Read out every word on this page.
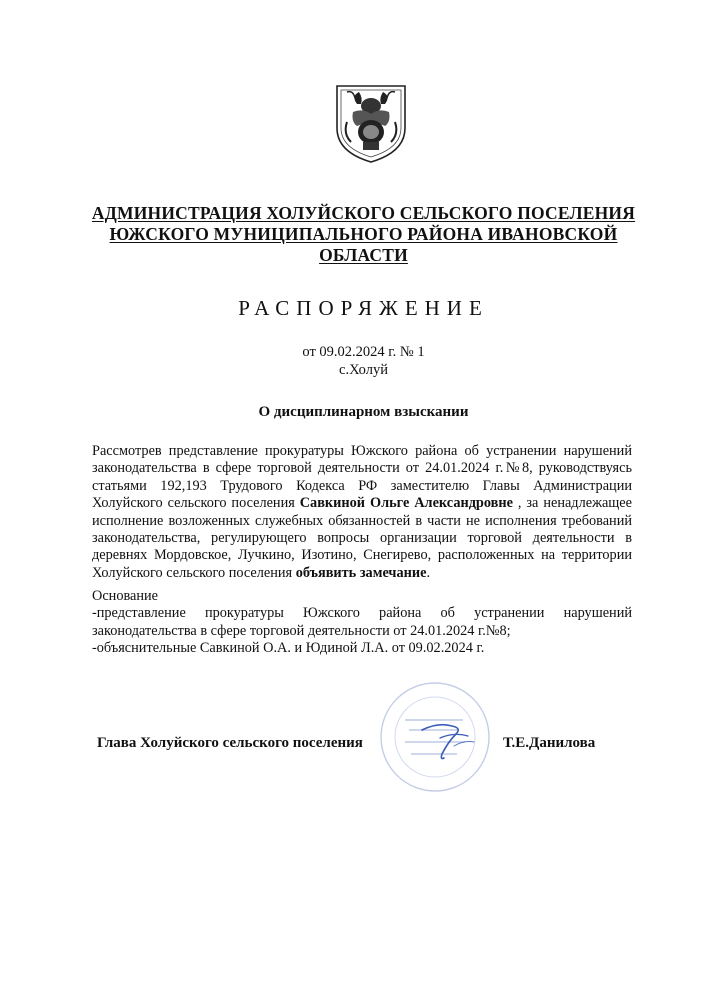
АДМИНИСТРАЦИЯ ХОЛУЙСКОГО СЕЛЬСКОГО ПОСЕЛЕНИЯ
ЮЖСКОГО МУНИЦИПАЛЬНОГО РАЙОНА ИВАНОВСКОЙ
ОБЛАСТИ
РАСПОРЯЖЕНИЕ
от 09.02.2024 г. № 1
с.Холуй
О дисциплинарном взыскании
Рассмотрев представление прокуратуры Южского района об устранении нарушений законодательства в сфере торговой деятельности от 24.01.2024 г.№8, руководствуясь статьями 192,193 Трудового Кодекса РФ заместителю Главы Администрации Холуйского сельского поселения Савкиной Ольге Александровне , за ненадлежащее исполнение возложенных служебных обязанностей в части не исполнения требований законодательства, регулирующего вопросы организации торговой деятельности в деревнях Мордовское, Лучкино, Изотино, Снегирево, расположенных на территории Холуйского сельского поселения объявить замечание.

Основание

-представление прокуратуры Южского района об устранении нарушений

законодательства в сфере торговой деятельности от 24.01.2024 г.№8;

-объяснительные Савкиной О.А. и Юдиной Л.А. от 09.02.2024 г.

Глава Холуйского сельского поселения	Т.Е.Данилова
